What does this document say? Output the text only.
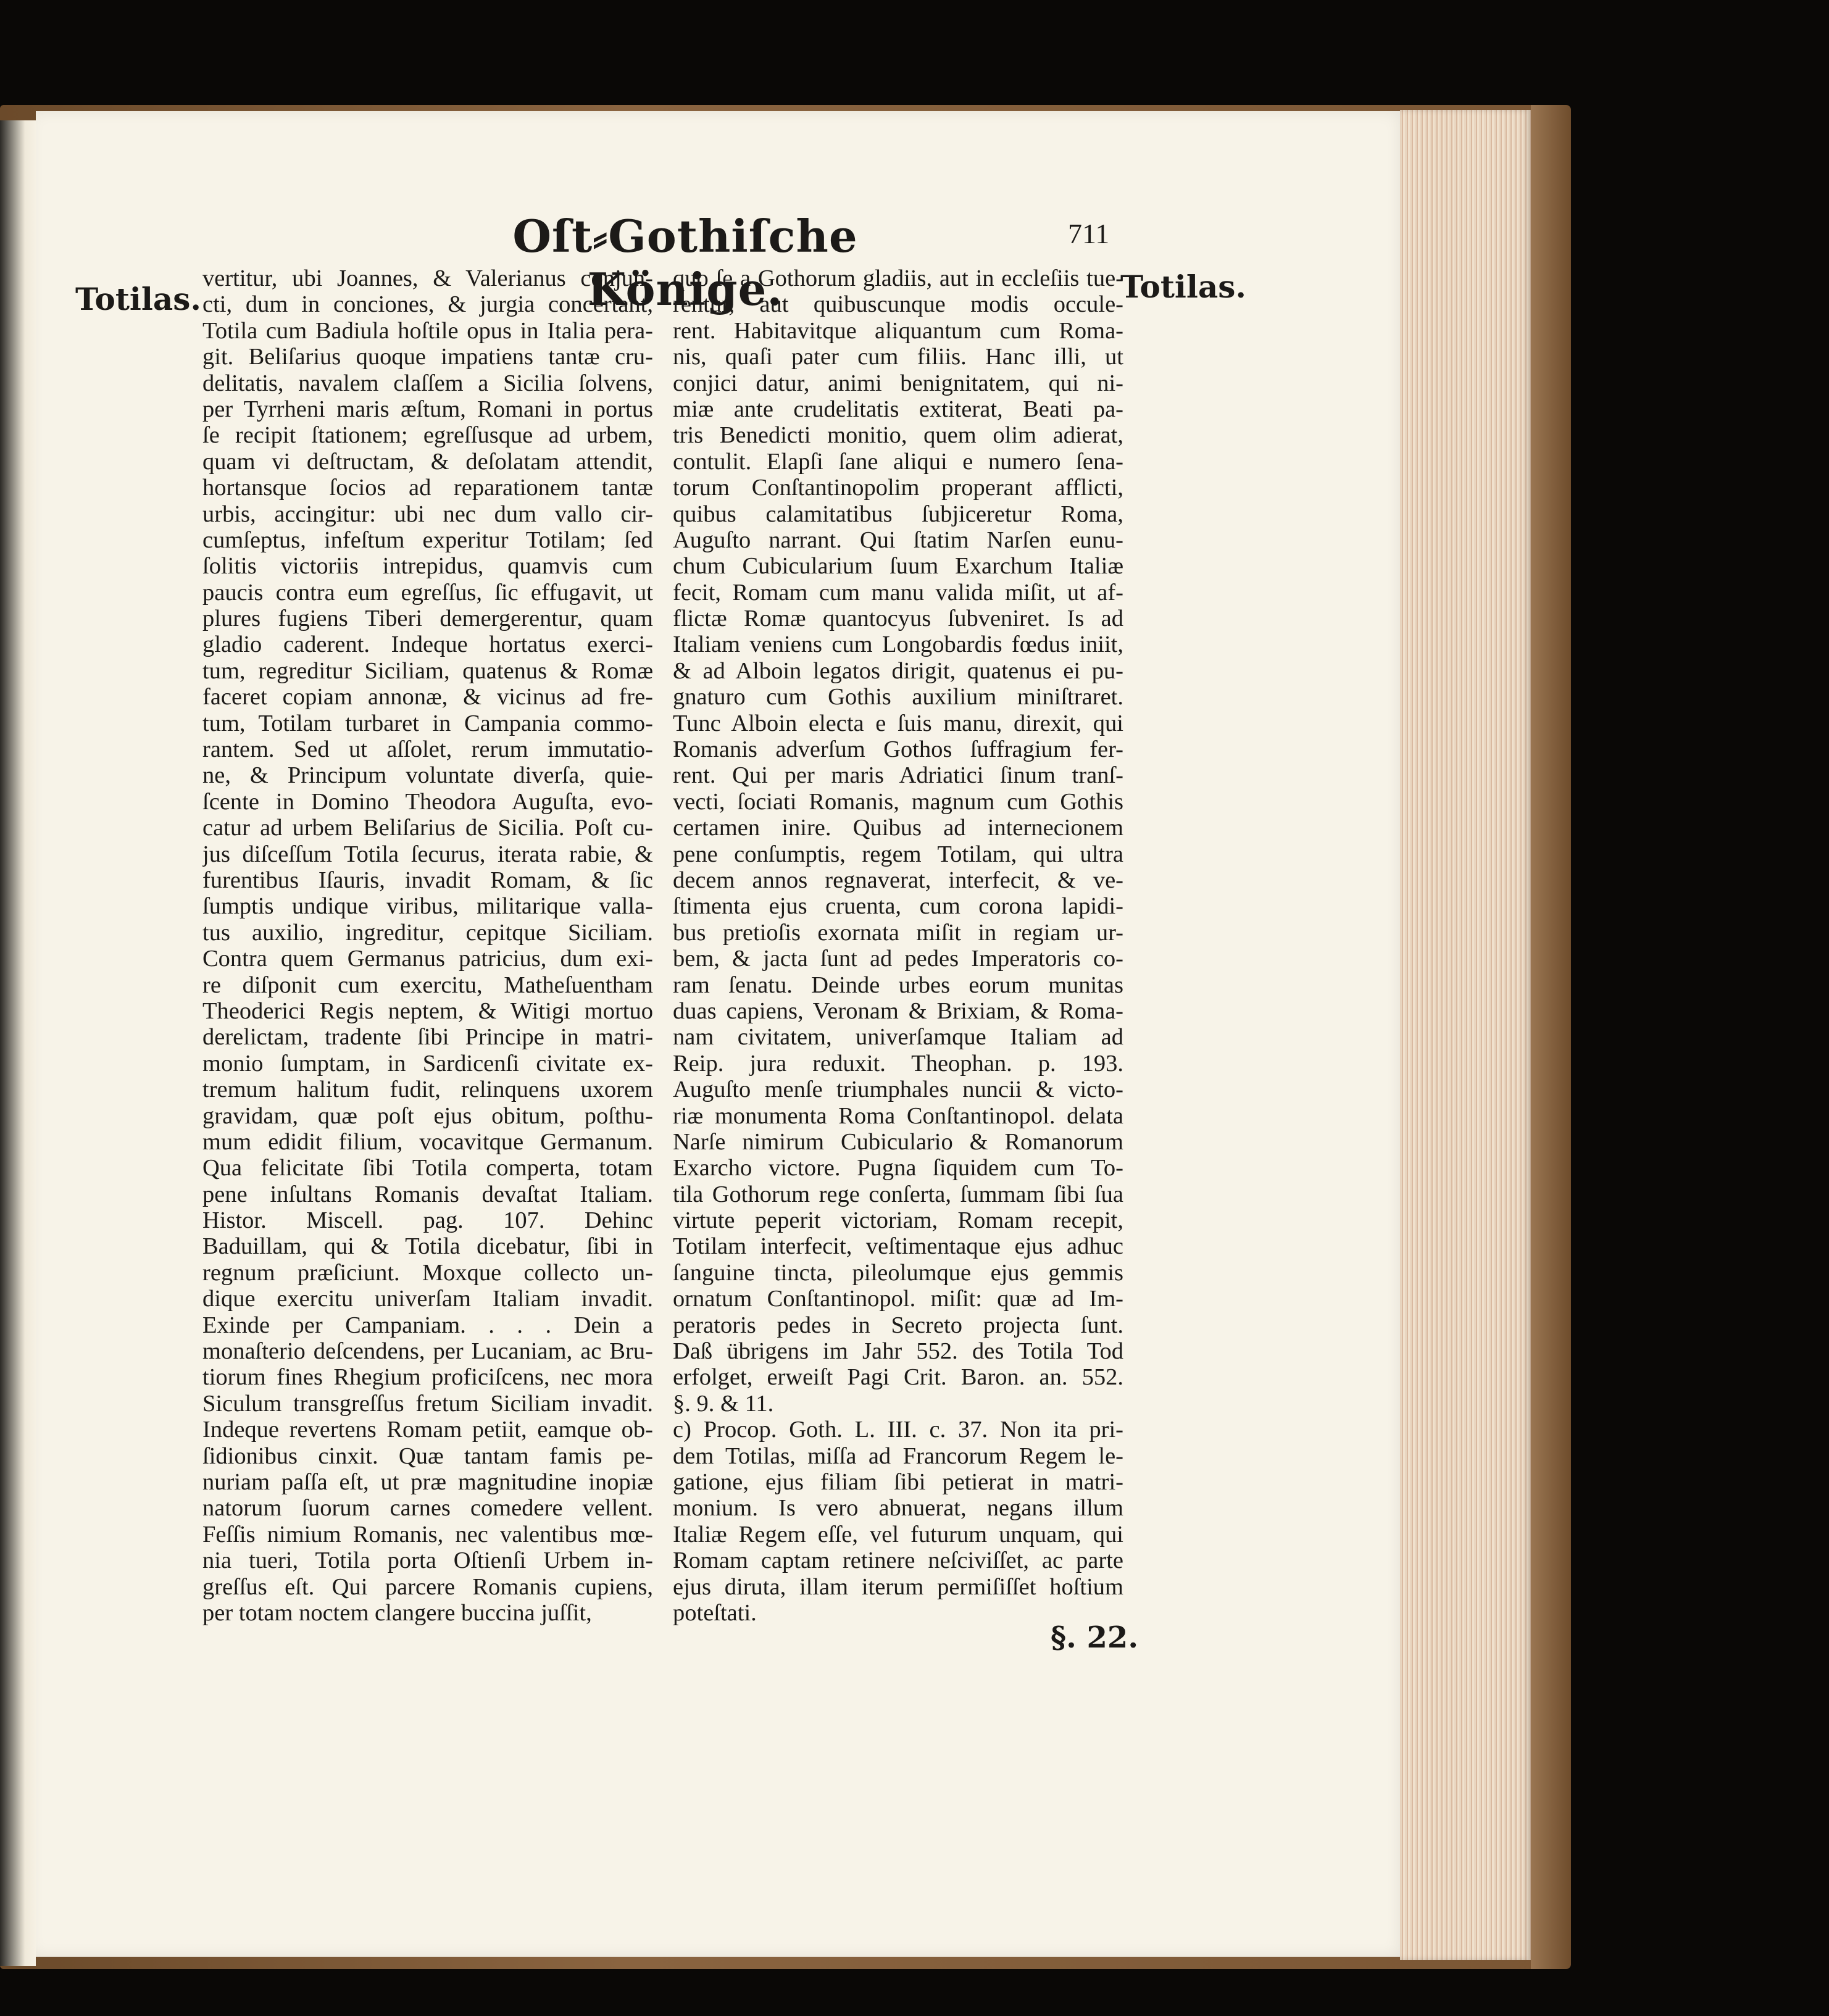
Oſt⸗Gothiſche Könige.
711
Totilas.	Totilas.
vertitur, ubi Joannes, & Valerianus conjun-
cti, dum in conciones, & jurgia concertant,
Totila cum Badiula hoſtile opus in Italia pera-
git. Beliſarius quoque impatiens tantæ cru-
delitatis, navalem claſſem a Sicilia ſolvens,
per Tyrrheni maris æſtum, Romani in portus
ſe recipit ſtationem; egreſſusque ad urbem,
quam vi deſtructam, & deſolatam attendit,
hortansque ſocios ad reparationem tantæ
urbis, accingitur: ubi nec dum vallo cir-
cumſeptus, infeſtum experitur Totilam; ſed
ſolitis victoriis intrepidus, quamvis cum
paucis contra eum egreſſus, ſic effugavit, ut
plures fugiens Tiberi demergerentur, quam
gladio caderent. Indeque hortatus exerci-
tum, regreditur Siciliam, quatenus & Romæ
faceret copiam annonæ, & vicinus ad fre-
tum, Totilam turbaret in Campania commo-
rantem. Sed ut aſſolet, rerum immutatio-
ne, & Principum voluntate diverſa, quie-
ſcente in Domino Theodora Auguſta, evo-
catur ad urbem Beliſarius de Sicilia. Poſt cu-
jus diſceſſum Totila ſecurus, iterata rabie, &
furentibus Iſauris, invadit Romam, & ſic
ſumptis undique viribus, militarique valla-
tus auxilio, ingreditur, cepitque Siciliam.
Contra quem Germanus patricius, dum exi-
re diſponit cum exercitu, Matheſuentham
Theoderici Regis neptem, & Witigi mortuo
derelictam, tradente ſibi Principe in matri-
monio ſumptam, in Sardicenſi civitate ex-
tremum halitum fudit, relinquens uxorem
gravidam, quæ poſt ejus obitum, poſthu-
mum edidit filium, vocavitque Germanum.
Qua felicitate ſibi Totila comperta, totam
pene inſultans Romanis devaſtat Italiam.
Histor. Miscell. pag. 107. Dehinc
Baduillam, qui & Totila dicebatur, ſibi in
regnum præſiciunt. Moxque collecto un-
dique exercitu univerſam Italiam invadit.
Exinde per Campaniam. . . . Dein a
monaſterio deſcendens, per Lucaniam, ac Bru-
tiorum fines Rhegium proficiſcens, nec mora
Siculum transgreſſus fretum Siciliam invadit.
Indeque revertens Romam petiit, eamque ob-
ſidionibus cinxit. Quæ tantam famis pe-
nuriam paſſa eſt, ut præ magnitudine inopiæ
natorum ſuorum carnes comedere vellent.
Feſſis nimium Romanis, nec valentibus mœ-
nia tueri, Totila porta Oſtienſi Urbem in-
greſſus eſt. Qui parcere Romanis cupiens,
per totam noctem clangere buccina juſſit,
quo ſe a Gothorum gladiis, aut in eccleſiis tue-
rentur, aut quibuscunque modis occule-
rent. Habitavitque aliquantum cum Roma-
nis, quaſi pater cum filiis. Hanc illi, ut
conjici datur, animi benignitatem, qui ni-
miæ ante crudelitatis extiterat, Beati pa-
tris Benedicti monitio, quem olim adierat,
contulit. Elapſi ſane aliqui e numero ſena-
torum Conſtantinopolim properant afflicti,
quibus calamitatibus ſubjiceretur Roma,
Auguſto narrant. Qui ſtatim Narſen eunu-
chum Cubicularium ſuum Exarchum Italiæ
fecit, Romam cum manu valida miſit, ut af-
flictæ Romæ quantocyus ſubveniret. Is ad
Italiam veniens cum Longobardis fœdus iniit,
& ad Alboin legatos dirigit, quatenus ei pu-
gnaturo cum Gothis auxilium miniſtraret.
Tunc Alboin electa e ſuis manu, direxit, qui
Romanis adverſum Gothos ſuffragium fer-
rent. Qui per maris Adriatici ſinum tranſ-
vecti, ſociati Romanis, magnum cum Gothis
certamen inire. Quibus ad internecionem
pene conſumptis, regem Totilam, qui ultra
decem annos regnaverat, interfecit, & ve-
ſtimenta ejus cruenta, cum corona lapidi-
bus pretioſis exornata miſit in regiam ur-
bem, & jacta ſunt ad pedes Imperatoris co-
ram ſenatu. Deinde urbes eorum munitas
duas capiens, Veronam & Brixiam, & Roma-
nam civitatem, univerſamque Italiam ad
Reip. jura reduxit. Theophan. p. 193.
Auguſto menſe triumphales nuncii & victo-
riæ monumenta Roma Conſtantinopol. delata
Narſe nimirum Cubiculario & Romanorum
Exarcho victore. Pugna ſiquidem cum To-
tila Gothorum rege conſerta, ſummam ſibi ſua
virtute peperit victoriam, Romam recepit,
Totilam interfecit, veſtimentaque ejus adhuc
ſanguine tincta, pileolumque ejus gemmis
ornatum Conſtantinopol. miſit: quæ ad Im-
peratoris pedes in Secreto projecta ſunt.
Daß übrigens im Jahr 552. des Totila Tod
erfolget, erweiſt Pagi Crit. Baron. an. 552.
§. 9. & 11.
c) Procop. Goth. L. III. c. 37. Non ita pri-
dem Totilas, miſſa ad Francorum Regem le-
gatione, ejus filiam ſibi petierat in matri-
monium. Is vero abnuerat, negans illum
Italiæ Regem eſſe, vel futurum unquam, qui
Romam captam retinere neſciviſſet, ac parte
ejus diruta, illam iterum permiſiſſet hoſtium
poteſtati.
§. 22.
